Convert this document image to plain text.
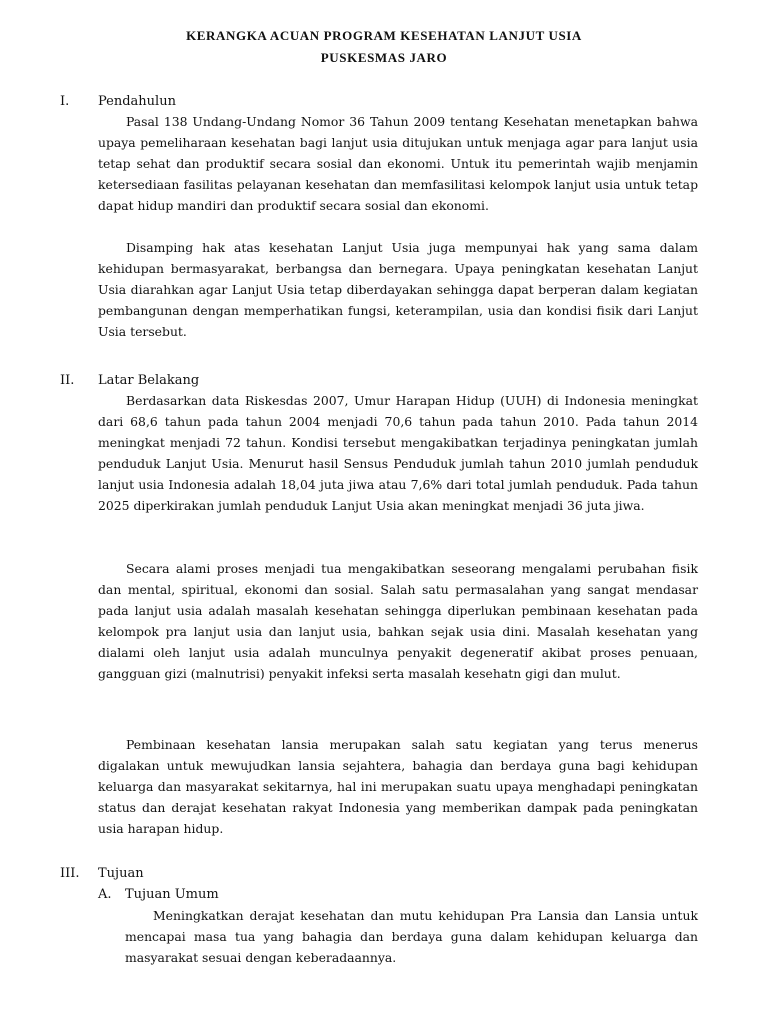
KERANGKA ACUAN PROGRAM KESEHATAN LANJUT USIA
PUSKESMAS JARO
I. Pendahulun

Pasal 138 Undang-Undang Nomor 36 Tahun 2009 tentang Kesehatan menetapkan bahwa upaya pemeliharaan kesehatan bagi lanjut usia ditujukan untuk menjaga agar para lanjut usia tetap sehat dan produktif secara sosial dan ekonomi. Untuk itu pemerintah wajib menjamin ketersediaan fasilitas pelayanan kesehatan dan memfasilitasi kelompok lanjut usia untuk tetap dapat hidup mandiri dan produktif secara sosial dan ekonomi.

Disamping hak atas kesehatan Lanjut Usia juga mempunyai hak yang sama dalam kehidupan bermasyarakat, berbangsa dan bernegara. Upaya peningkatan kesehatan Lanjut Usia diarahkan agar Lanjut Usia tetap diberdayakan sehingga dapat berperan dalam kegiatan pembangunan dengan memperhatikan fungsi, keterampilan, usia dan kondisi fisik dari Lanjut Usia tersebut.

II. Latar Belakang

Berdasarkan data Riskesdas 2007, Umur Harapan Hidup (UUH) di Indonesia meningkat dari 68,6 tahun pada tahun 2004 menjadi 70,6 tahun pada tahun 2010. Pada tahun 2014 meningkat menjadi 72 tahun. Kondisi tersebut mengakibatkan terjadinya peningkatan jumlah penduduk Lanjut Usia. Menurut hasil Sensus Penduduk jumlah tahun 2010 jumlah penduduk lanjut usia Indonesia adalah 18,04 juta jiwa atau 7,6% dari total jumlah penduduk. Pada tahun 2025 diperkirakan jumlah penduduk Lanjut Usia akan meningkat menjadi 36 juta jiwa.

Secara alami proses menjadi tua mengakibatkan seseorang mengalami perubahan fisik dan mental, spiritual, ekonomi dan sosial. Salah satu permasalahan yang sangat mendasar pada lanjut usia adalah masalah kesehatan sehingga diperlukan pembinaan kesehatan pada kelompok pra lanjut usia dan lanjut usia, bahkan sejak usia dini. Masalah kesehatan yang dialami oleh lanjut usia adalah munculnya penyakit degeneratif akibat proses penuaan, gangguan gizi (malnutrisi) penyakit infeksi serta masalah kesehatn gigi dan mulut.

Pembinaan kesehatan lansia merupakan salah satu kegiatan yang terus menerus digalakan untuk mewujudkan lansia sejahtera, bahagia dan berdaya guna bagi kehidupan keluarga dan masyarakat sekitarnya, hal ini merupakan suatu upaya menghadapi peningkatan status dan derajat kesehatan rakyat Indonesia yang memberikan dampak pada peningkatan usia harapan hidup.

III. Tujuan
A. Tujuan Umum

Meningkatkan derajat kesehatan dan mutu kehidupan Pra Lansia dan Lansia untuk mencapai masa tua yang bahagia dan berdaya guna dalam kehidupan keluarga dan masyarakat sesuai dengan keberadaannya.
